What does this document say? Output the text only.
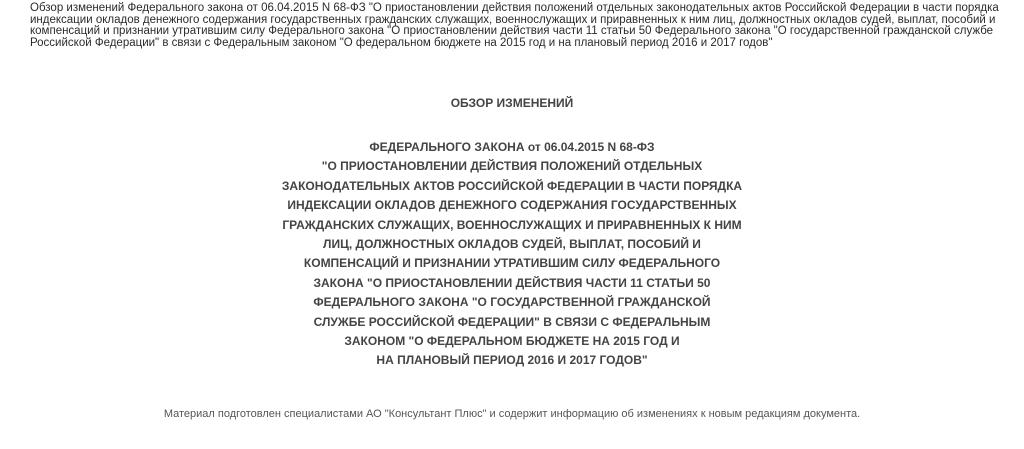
Обзор изменений Федерального закона от 06.04.2015 N 68-ФЗ "О приостановлении действия положений отдельных законодательных актов Российской Федерации в части порядка индексации окладов денежного содержания государственных гражданских служащих, военнослужащих и приравненных к ним лиц, должностных окладов судей, выплат, пособий и компенсаций и признании утратившим силу Федерального закона "О приостановлении действия части 11 статьи 50 Федерального закона "О государственной гражданской службе Российской Федерации" в связи с Федеральным законом "О федеральном бюджете на 2015 год и на плановый период 2016 и 2017 годов"
ОБЗОР ИЗМЕНЕНИЙ
ФЕДЕРАЛЬНОГО ЗАКОНА от 06.04.2015 N 68-ФЗ
"О ПРИОСТАНОВЛЕНИИ ДЕЙСТВИЯ ПОЛОЖЕНИЙ ОТДЕЛЬНЫХ
ЗАКОНОДАТЕЛЬНЫХ АКТОВ РОССИЙСКОЙ ФЕДЕРАЦИИ В ЧАСТИ ПОРЯДКА
ИНДЕКСАЦИИ ОКЛАДОВ ДЕНЕЖНОГО СОДЕРЖАНИЯ ГОСУДАРСТВЕННЫХ
ГРАЖДАНСКИХ СЛУЖАЩИХ, ВОЕННОСЛУЖАЩИХ И ПРИРАВНЕННЫХ К НИМ
ЛИЦ, ДОЛЖНОСТНЫХ ОКЛАДОВ СУДЕЙ, ВЫПЛАТ, ПОСОБИЙ И
КОМПЕНСАЦИЙ И ПРИЗНАНИИ УТРАТИВШИМ СИЛУ ФЕДЕРАЛЬНОГО
ЗАКОНА "О ПРИОСТАНОВЛЕНИИ ДЕЙСТВИЯ ЧАСТИ 11 СТАТЬИ 50
ФЕДЕРАЛЬНОГО ЗАКОНА "О ГОСУДАРСТВЕННОЙ ГРАЖДАНСКОЙ
СЛУЖБЕ РОССИЙСКОЙ ФЕДЕРАЦИИ" В СВЯЗИ С ФЕДЕРАЛЬНЫМ
ЗАКОНОМ "О ФЕДЕРАЛЬНОМ БЮДЖЕТЕ НА 2015 ГОД И
НА ПЛАНОВЫЙ ПЕРИОД 2016 И 2017 ГОДОВ"
Материал подготовлен специалистами АО "Консультант Плюс" и содержит информацию об изменениях к новым редакциям документа.
